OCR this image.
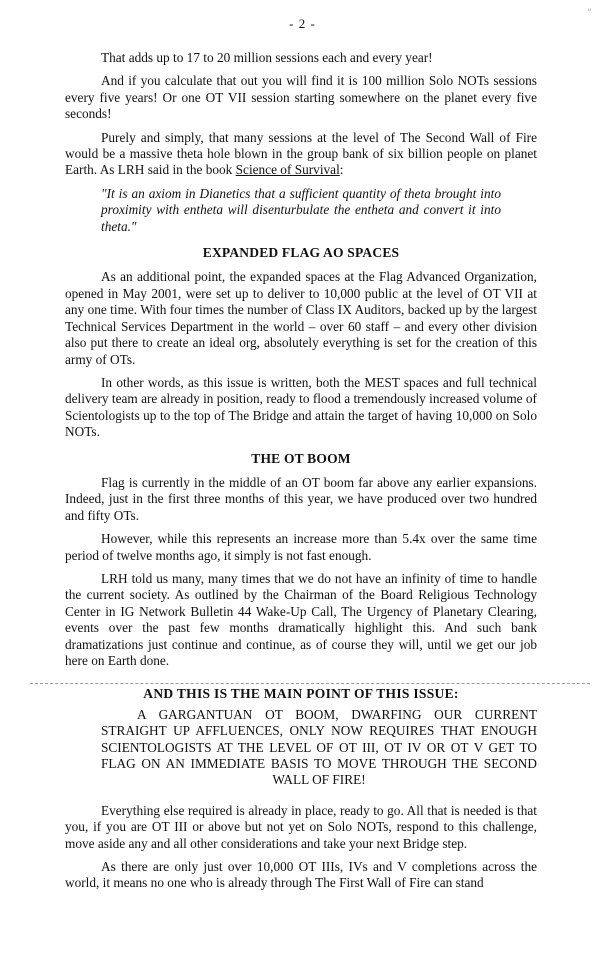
- 2 -
ᵤ

That adds up to 17 to 20 million sessions each and every year!

And if you calculate that out you will find it is 100 million Solo NOTs sessions every five years! Or one OT VII session starting somewhere on the planet every five seconds!

Purely and simply, that many sessions at the level of The Second Wall of Fire would be a massive theta hole blown in the group bank of six billion people on planet Earth. As LRH said in the book Science of Survival:

"It is an axiom in Dianetics that a sufficient quantity of theta brought into proximity with entheta will disenturbulate the entheta and convert it into theta."
EXPANDED FLAG AO SPACES

As an additional point, the expanded spaces at the Flag Advanced Organization, opened in May 2001, were set up to deliver to 10,000 public at the level of OT VII at any one time. With four times the number of Class IX Auditors, backed up by the largest Technical Services Department in the world – over 60 staff – and every other division also put there to create an ideal org, absolutely everything is set for the creation of this army of OTs.

In other words, as this issue is written, both the MEST spaces and full technical delivery team are already in position, ready to flood a tremendously increased volume of Scientologists up to the top of The Bridge and attain the target of having 10,000 on Solo NOTs.

THE OT BOOM

Flag is currently in the middle of an OT boom far above any earlier expansions. Indeed, just in the first three months of this year, we have produced over two hundred and fifty OTs.

However, while this represents an increase more than 5.4x over the same time period of twelve months ago, it simply is not fast enough.

LRH told us many, many times that we do not have an infinity of time to handle the current society. As outlined by the Chairman of the Board Religious Technology Center in IG Network Bulletin 44 Wake-Up Call, The Urgency of Planetary Clearing, events over the past few months dramatically highlight this. And such bank dramatizations just continue and continue, as of course they will, until we get our job here on Earth done.

AND THIS IS THE MAIN POINT OF THIS ISSUE:
A GARGANTUAN OT BOOM, DWARFING OUR CURRENT STRAIGHT UP AFFLUENCES, ONLY NOW REQUIRES THAT ENOUGH SCIENTOLOGISTS AT THE LEVEL OF OT III, OT IV OR OT V GET TO FLAG ON AN IMMEDIATE BASIS TO MOVE THROUGH THE SECOND WALL OF FIRE!

Everything else required is already in place, ready to go. All that is needed is that you, if you are OT III or above but not yet on Solo NOTs, respond to this challenge, move aside any and all other considerations and take your next Bridge step.

As there are only just over 10,000 OT IIIs, IVs and V completions across the world, it means no one who is already through The First Wall of Fire can stand
